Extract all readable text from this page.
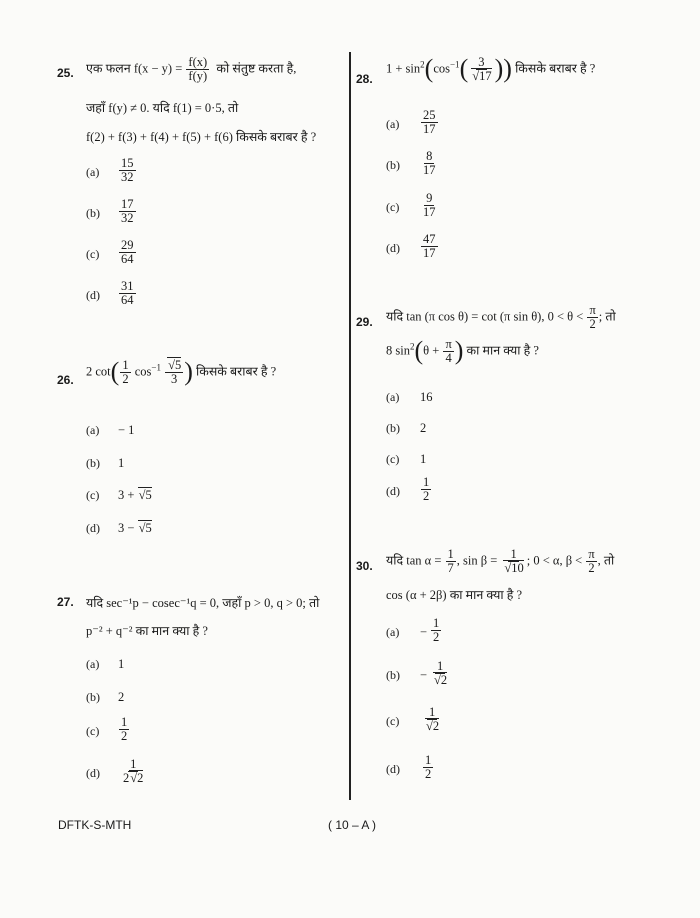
25. एक फलन $f(x - y) = \frac{f(x)}{f(y)}$ को संतुष्ट करता है,
जहाँ f(y) ≠ 0. यदि f(1) = 0·5, तो
f(2) + f(3) + f(4) + f(5) + f(6) किसके बराबर है ?
$(a) \frac{15}{32}$
$(b) \frac{17}{32}$
$(c) \frac{29}{64}$
$(d) \frac{31}{64}$
26.
2 $\cot( \frac{1}{2} \cos^{-1}$ √ $\frac{5}{3}$ ) किसके बराबर है ?
(a) − 1
(b) 1
(c) 3 + √ 5
(d) 3 − √ 5
27. यदि sec⁻¹p − cosec⁻¹q = 0, जहाँ p > 0, q > 0; तो
p⁻² + q⁻² का मान क्या है ?
(a) 1
(b) 2
$(c) \frac{1}{2}$
$(d) \frac{1}{2 √ 2}$
28.
$1 + \sin^2(\cos^{-1}$( 3
√ 17 )) किसके बराबर है ?
$(a) \frac{25}{17}$
$(b) \frac{8}{17}$
$(c) \frac{9}{17}$
$(d) \frac{47}{17}$
29. यदि tan (π cos θ) = cot (π sin θ), $0 < \theta < \frac{\pi}{2}$ ; तो
8 $\sin^2(\theta + \frac{\pi}{4}$ ) का मान क्या है ?
(a) 16
(b) 2
(c) 1
$(d) \frac{1}{2}$
30. यदि $\tan \alpha = \frac{1}{7}$ , sin β = 1
√ 10 ; 0 < α, $\beta < \frac{\pi}{2}$ , तो
cos (α + 2β) का मान क्या है ?
$(a) - \frac{1}{2}$
(b) − 1
√ 2
(c) 1
√ 2
$(d) \frac{1}{2}$
DFTK-S-MTH	( 10 – A )
